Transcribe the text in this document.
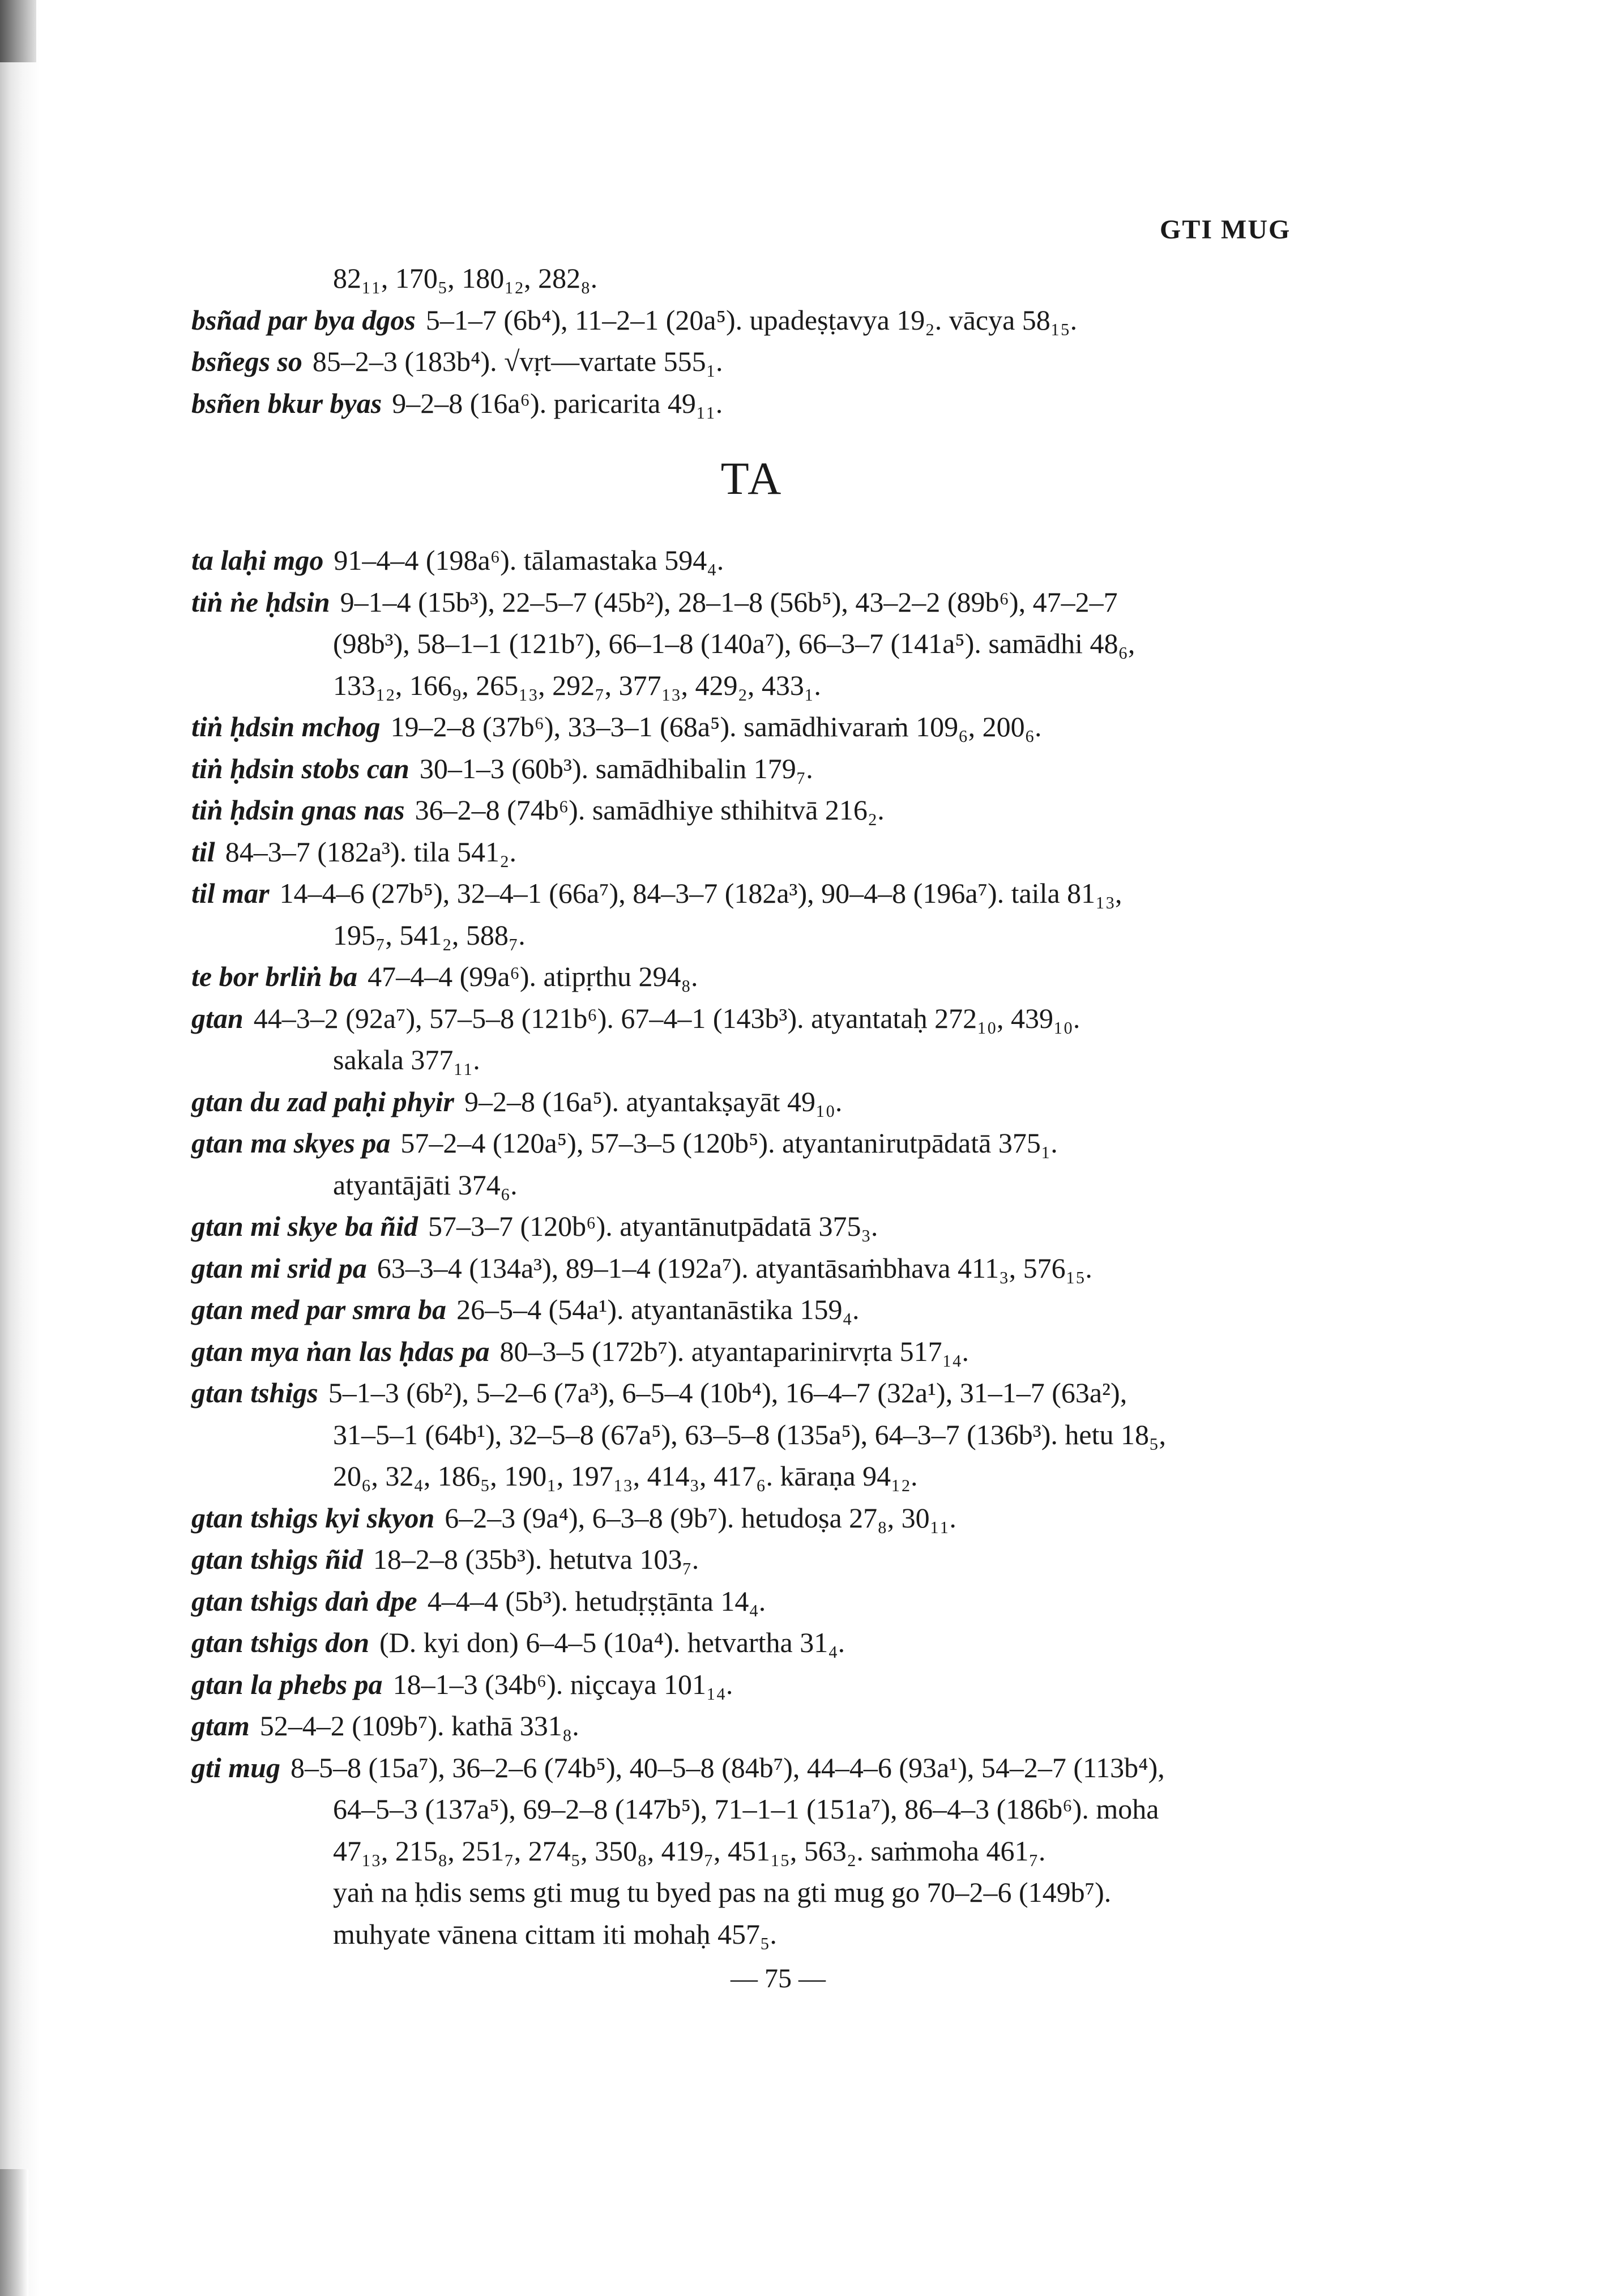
GTI MUG
82₁₁, 170₅, 180₁₂, 282₈.
bsñad par bya dgos 5–1–7 (6b⁴), 11–2–1 (20a⁵). upadeṣṭavya 19₂. vācya 58₁₅.
bsñegs so 85–2–3 (183b⁴). √vṛt—vartate 555₁.
bsñen bkur byas 9–2–8 (16a⁶). paricarita 49₁₁.
TA
ta laḥi mgo 91–4–4 (198a⁶). tālamastaka 594₄.
tiṅ ṅe ḥdsin 9–1–4 (15b³), 22–5–7 (45b²), 28–1–8 (56b⁵), 43–2–2 (89b⁶), 47–2–7
(98b³), 58–1–1 (121b⁷), 66–1–8 (140a⁷), 66–3–7 (141a⁵). samādhi 48₆,
133₁₂, 166₉, 265₁₃, 292₇, 377₁₃, 429₂, 433₁.
tiṅ ḥdsin mchog 19–2–8 (37b⁶), 33–3–1 (68a⁵). samādhivaraṁ 109₆, 200₆.
tiṅ ḥdsin stobs can 30–1–3 (60b³). samādhibalin 179₇.
tiṅ ḥdsin gnas nas 36–2–8 (74b⁶). samādhiye sthihitvā 216₂.
til 84–3–7 (182a³). tila 541₂.
til mar 14–4–6 (27b⁵), 32–4–1 (66a⁷), 84–3–7 (182a³), 90–4–8 (196a⁷). taila 81₁₃,
195₇, 541₂, 588₇.
te bor brliṅ ba 47–4–4 (99a⁶). atipṛthu 294₈.
gtan 44–3–2 (92a⁷), 57–5–8 (121b⁶). 67–4–1 (143b³). atyantataḥ 272₁₀, 439₁₀.
sakala 377₁₁.
gtan du zad paḥi phyir 9–2–8 (16a⁵). atyantakṣayāt 49₁₀.
gtan ma skyes pa 57–2–4 (120a⁵), 57–3–5 (120b⁵). atyantanirutpādatā 375₁.
atyantājāti 374₆.
gtan mi skye ba ñid 57–3–7 (120b⁶). atyantānutpādatā 375₃.
gtan mi srid pa 63–3–4 (134a³), 89–1–4 (192a⁷). atyantāsaṁbhava 411₃, 576₁₅.
gtan med par smra ba 26–5–4 (54a¹). atyantanāstika 159₄.
gtan mya ṅan las ḥdas pa 80–3–5 (172b⁷). atyantaparinirvṛta 517₁₄.
gtan tshigs 5–1–3 (6b²), 5–2–6 (7a³), 6–5–4 (10b⁴), 16–4–7 (32a¹), 31–1–7 (63a²),
31–5–1 (64b¹), 32–5–8 (67a⁵), 63–5–8 (135a⁵), 64–3–7 (136b³). hetu 18₅,
20₆, 32₄, 186₅, 190₁, 197₁₃, 414₃, 417₆. kāraṇa 94₁₂.
gtan tshigs kyi skyon 6–2–3 (9a⁴), 6–3–8 (9b⁷). hetudoṣa 27₈, 30₁₁.
gtan tshigs ñid 18–2–8 (35b³). hetutva 103₇.
gtan tshigs daṅ dpe 4–4–4 (5b³). hetudṛṣṭānta 14₄.
gtan tshigs don (D. kyi don) 6–4–5 (10a⁴). hetvartha 31₄.
gtan la phebs pa 18–1–3 (34b⁶). niçcaya 101₁₄.
gtam 52–4–2 (109b⁷). kathā 331₈.
gti mug 8–5–8 (15a⁷), 36–2–6 (74b⁵), 40–5–8 (84b⁷), 44–4–6 (93a¹), 54–2–7 (113b⁴),
64–5–3 (137a⁵), 69–2–8 (147b⁵), 71–1–1 (151a⁷), 86–4–3 (186b⁶). moha
47₁₃, 215₈, 251₇, 274₅, 350₈, 419₇, 451₁₅, 563₂. saṁmoha 461₇.
yaṅ na ḥdis sems gti mug tu byed pas na gti mug go 70–2–6 (149b⁷).
muhyate vānena cittam iti mohaḥ 457₅.
— 75 —
